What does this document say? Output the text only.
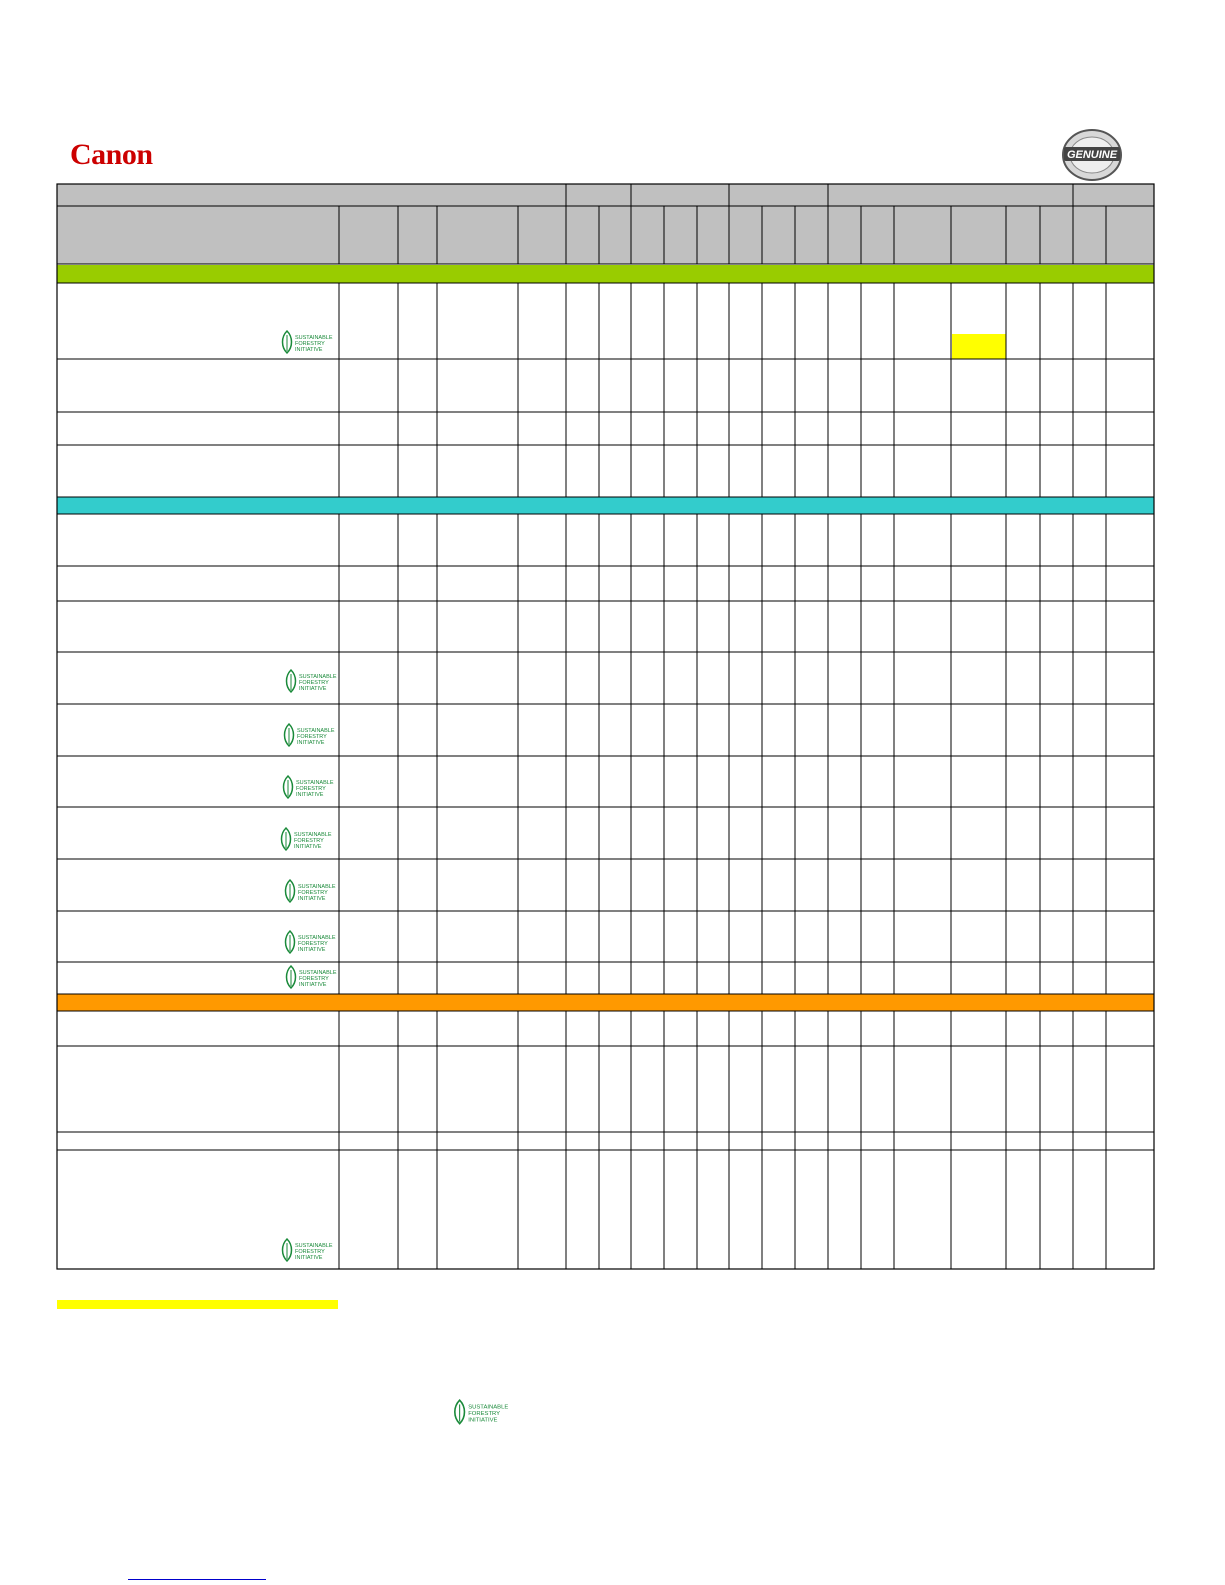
Canon	GENUINE
SUSTAINABLE
FORESTRY
INITIATIVE
SUSTAINABLE
FORESTRY
INITIATIVE
SUSTAINABLE
FORESTRY
INITIATIVE
SUSTAINABLE
FORESTRY
INITIATIVE
SUSTAINABLE
FORESTRY
INITIATIVE
SUSTAINABLE
FORESTRY
INITIATIVE
SUSTAINABLE
FORESTRY
INITIATIVE
SUSTAINABLE
FORESTRY
INITIATIVE
SUSTAINABLE
FORESTRY
INITIATIVE
SUSTAINABLE
FORESTRY
INITIATIVE
